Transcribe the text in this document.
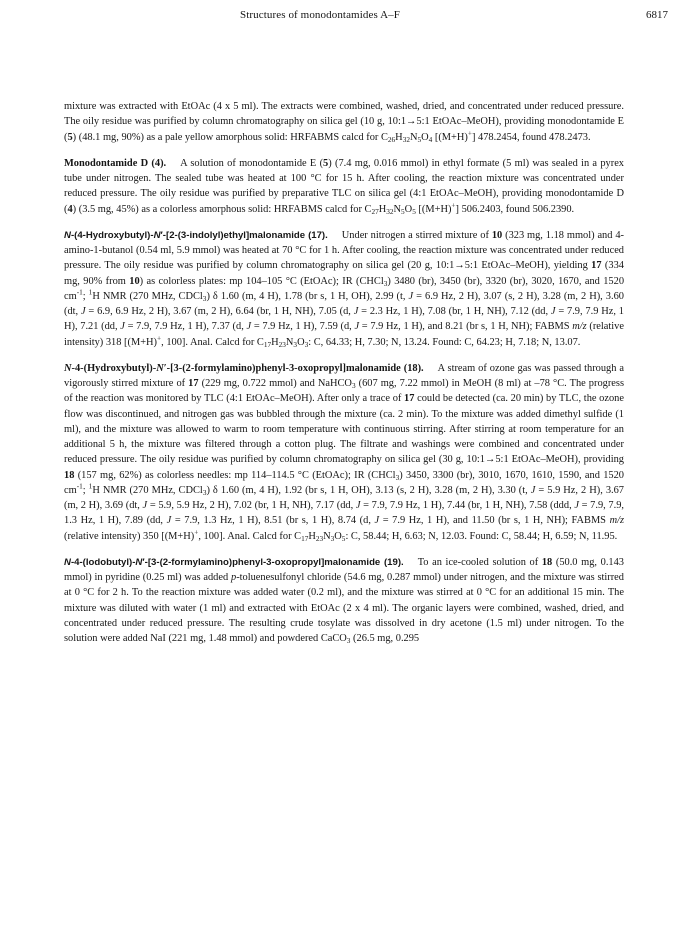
Structures of monodontamides A–F	6817

mixture was extracted with EtOAc (4 x 5 ml). The extracts were combined, washed, dried, and concentrated under reduced pressure. The oily residue was purified by column chromatography on silica gel (10 g, 10:1→5:1 EtOAc–MeOH), providing monodontamide E (5) (48.1 mg, 90%) as a pale yellow amorphous solid: HRFABMS calcd for $C_{26}H_{32}N_5O_4$ [(M+H)+] 478.2454, found 478.2473.

Monodontamide D (4). A solution of monodontamide E (5) (7.4 mg, 0.016 mmol) in ethyl formate (5 ml) was sealed in a pyrex tube under nitrogen. The sealed tube was heated at 100 °C for 15 h. After cooling, the reaction mixture was concentrated under reduced pressure. The oily residue was purified by preparative TLC on silica gel (4:1 EtOAc–MeOH), providing monodontamide D (4) (3.5 mg, 45%) as a colorless amorphous solid: HRFABMS calcd for $C_{27}H_{32}N_5O_5$ [(M+H)+] 506.2403, found 506.2390.

N-(4-Hydroxybutyl)-N′-[2-(3-indolyl)ethyl]malonamide (17). Under nitrogen a stirred mixture of 10 (323 mg, 1.18 mmol) and 4-amino-1-butanol (0.54 ml, 5.9 mmol) was heated at 70 °C for 1 h. After cooling, the reaction mixture was concentrated under reduced pressure. The oily residue was purified by column chromatography on silica gel (20 g, 10:1→5:1 EtOAc–MeOH), yielding 17 (334 mg, 90% from 10) as colorless plates: mp 104–105 °C (EtOAc); IR (CHCl$_3$) 3480 (br), 3450 (br), 3320 (br), 3020, 1670, and 1520 $cm^{-1}$; $^1$H NMR (270 MHz, CDCl$_3$) δ 1.60 (m, 4 H), 1.78 (br s, 1 H, OH), 2.99 (t, J = 6.9 Hz, 2 H), 3.07 (s, 2 H), 3.28 (m, 2 H), 3.60 (dt, J = 6.9, 6.9 Hz, 2 H), 3.67 (m, 2 H), 6.64 (br, 1 H, NH), 7.05 (d, J = 2.3 Hz, 1 H), 7.08 (br, 1 H, NH), 7.12 (dd, J = 7.9, 7.9 Hz, 1 H), 7.21 (dd, J = 7.9, 7.9 Hz, 1 H), 7.37 (d, J = 7.9 Hz, 1 H), 7.59 (d, J = 7.9 Hz, 1 H), and 8.21 (br s, 1 H, NH); FABMS m/z (relative intensity) 318 [(M+H)+, 100]. Anal. Calcd for $C_{17}H_{23}N_3O_3$: C, 64.33; H, 7.30; N, 13.24. Found: C, 64.23; H, 7.18; N, 13.07.

N-4-(Hydroxybutyl)-N′-[3-(2-formylamino)phenyl-3-oxopropyl]malonamide (18). A stream of ozone gas was passed through a vigorously stirred mixture of 17 (229 mg, 0.722 mmol) and NaHCO$_3$ (607 mg, 7.22 mmol) in MeOH (8 ml) at –78 °C. The progress of the reaction was monitored by TLC (4:1 EtOAc–MeOH). After only a trace of 17 could be detected (ca. 20 min) by TLC, the ozone flow was discontinued, and nitrogen gas was bubbled through the mixture (ca. 2 min). To the mixture was added dimethyl sulfide (1 ml), and the mixture was allowed to warm to room temperature with continuous stirring. After stirring at room temperature for an additional 5 h, the mixture was filtered through a cotton plug. The filtrate and washings were combined and concentrated under reduced pressure. The oily residue was purified by column chromatography on silica gel (30 g, 10:1→5:1 EtOAc–MeOH), providing 18 (157 mg, 62%) as colorless needles: mp 114–114.5 °C (EtOAc); IR (CHCl$_3$) 3450, 3300 (br), 3010, 1670, 1610, 1590, and 1520 $cm^{-1}$; $^1$H NMR (270 MHz, CDCl$_3$) δ 1.60 (m, 4 H), 1.92 (br s, 1 H, OH), 3.13 (s, 2 H), 3.28 (m, 2 H), 3.30 (t, J = 5.9 Hz, 2 H), 3.67 (m, 2 H), 3.69 (dt, J = 5.9, 5.9 Hz, 2 H), 7.02 (br, 1 H, NH), 7.17 (dd, J = 7.9, 7.9 Hz, 1 H), 7.44 (br, 1 H, NH), 7.58 (ddd, J = 7.9, 7.9, 1.3 Hz, 1 H), 7.89 (dd, J = 7.9, 1.3 Hz, 1 H), 8.51 (br s, 1 H), 8.74 (d, J = 7.9 Hz, 1 H), and 11.50 (br s, 1 H, NH); FABMS m/z (relative intensity) 350 [(M+H)+, 100]. Anal. Calcd for $C_{17}H_{23}N_3O_5$: C, 58.44; H, 6.63; N, 12.03. Found: C, 58.44; H, 6.59; N, 11.95.

N-4-(Iodobutyl)-N′-[3-(2-formylamino)phenyl-3-oxopropyl]malonamide (19). To an ice-cooled solution of 18 (50.0 mg, 0.143 mmol) in pyridine (0.25 ml) was added p-toluenesulfonyl chloride (54.6 mg, 0.287 mmol) under nitrogen, and the mixture was stirred at 0 °C for 2 h. To the reaction mixture was added water (0.2 ml), and the mixture was stirred at 0 °C for an additional 15 min. The mixture was diluted with water (1 ml) and extracted with EtOAc (2 x 4 ml). The organic layers were combined, washed, dried, and concentrated under reduced pressure. The resulting crude tosylate was dissolved in dry acetone (1.5 ml) under nitrogen. To the solution were added NaI (221 mg, 1.48 mmol) and powdered CaCO$_3$ (26.5 mg, 0.295
